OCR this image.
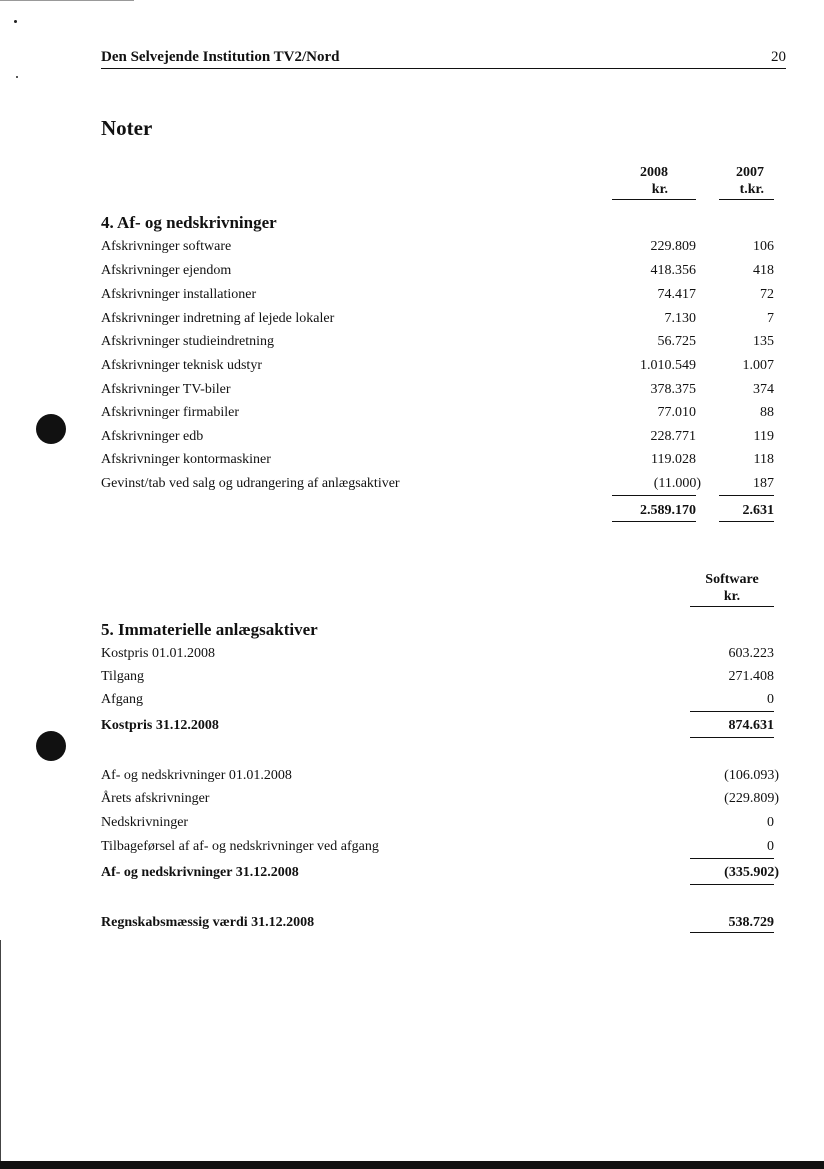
Den Selvejende Institution TV2/Nord	20
Noter
2008
kr.
2007
t.kr.
4. Af- og nedskrivninger
Afskrivninger software	229.809	106
Afskrivninger ejendom	418.356	418
Afskrivninger installationer	74.417	72
Afskrivninger indretning af lejede lokaler	7.130	7
Afskrivninger studieindretning	56.725	135
Afskrivninger teknisk udstyr	1.010.549	1.007
Afskrivninger TV-biler	378.375	374
Afskrivninger firmabiler	77.010	88
Afskrivninger edb	228.771	119
Afskrivninger kontormaskiner	119.028	118
Gevinst/tab ved salg og udrangering af anlægsaktiver	(11.000)	187
2.589.170	2.631
Software
kr.
5. Immaterielle anlægsaktiver
Kostpris 01.01.2008	603.223
Tilgang	271.408
Afgang	0
Kostpris 31.12.2008	874.631
Af- og nedskrivninger 01.01.2008	(106.093)
Årets afskrivninger	(229.809)
Nedskrivninger	0
Tilbageførsel af af- og nedskrivninger ved afgang	0
Af- og nedskrivninger 31.12.2008	(335.902)
Regnskabsmæssig værdi 31.12.2008	538.729
